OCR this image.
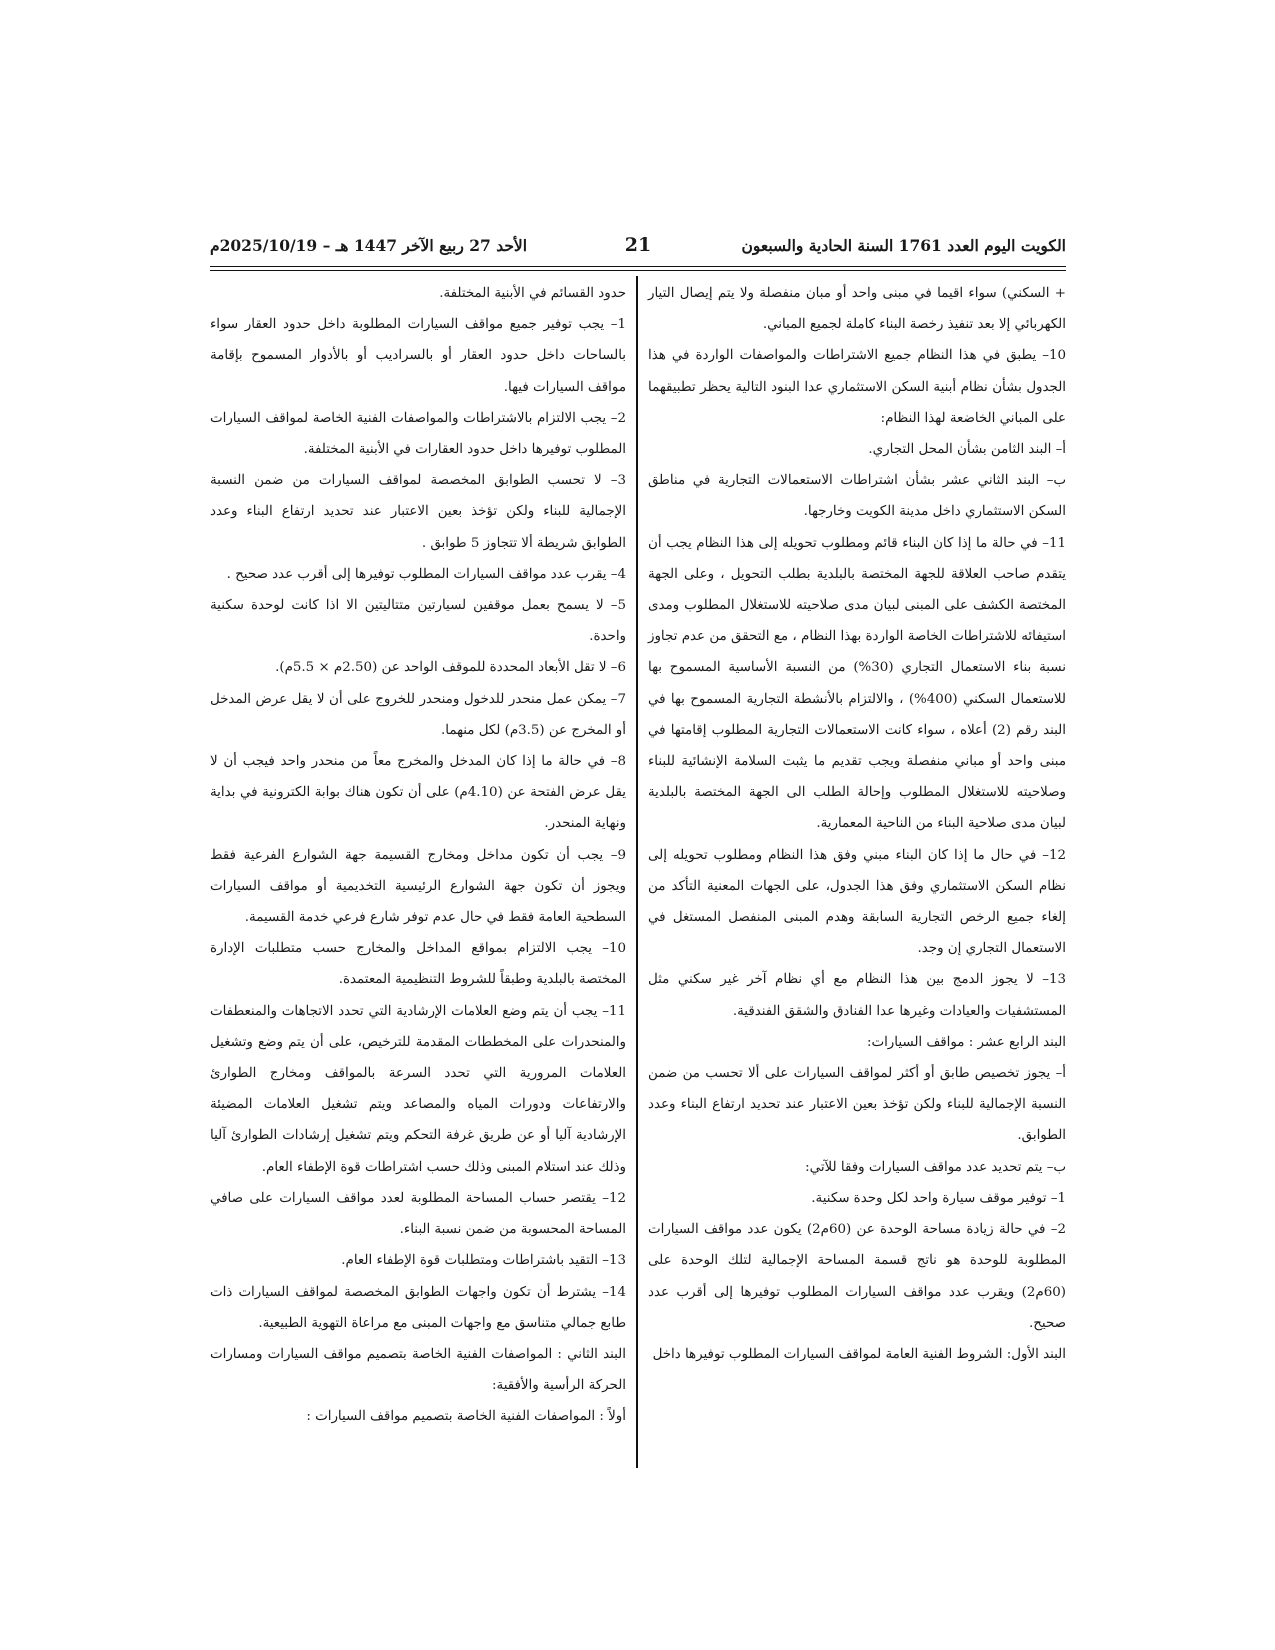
الكويت اليوم العدد 1761 السنة الحادية والسبعون
21
الأحد 27 ربيع الآخر 1447 هـ – 2025/10/19م

+ السكني) سواء اقيما في مبنى واحد أو مبان منفصلة ولا يتم إيصال التيار الكهربائي إلا بعد تنفيذ رخصة البناء كاملة لجميع المباني.

10– يطبق في هذا النظام جميع الاشتراطات والمواصفات الواردة في هذا الجدول بشأن نظام أبنية السكن الاستثماري عدا البنود التالية يحظر تطبيقهما على المباني الخاضعة لهذا النظام:

أ– البند الثامن بشأن المحل التجاري.

ب– البند الثاني عشر بشأن اشتراطات الاستعمالات التجارية في مناطق السكن الاستثماري داخل مدينة الكويت وخارجها.

11– في حالة ما إذا كان البناء قائم ومطلوب تحويله إلى هذا النظام يجب أن يتقدم صاحب العلاقة للجهة المختصة بالبلدية بطلب التحويل ، وعلى الجهة المختصة الكشف على المبنى لبيان مدى صلاحيته للاستغلال المطلوب ومدى استيفائه للاشتراطات الخاصة الواردة بهذا النظام ، مع التحقق من عدم تجاوز نسبة بناء الاستعمال التجاري (30%) من النسبة الأساسية المسموح بها للاستعمال السكني (400%) ، والالتزام بالأنشطة التجارية المسموح بها في البند رقم (2) أعلاه ، سواء كانت الاستعمالات التجارية المطلوب إقامتها في مبنى واحد أو مباني منفصلة ويجب تقديم ما يثبت السلامة الإنشائية للبناء وصلاحيته للاستغلال المطلوب وإحالة الطلب الى الجهة المختصة بالبلدية لبيان مدى صلاحية البناء من الناحية المعمارية.

12– في حال ما إذا كان البناء مبني وفق هذا النظام ومطلوب تحويله إلى نظام السكن الاستثماري وفق هذا الجدول، على الجهات المعنية التأكد من إلغاء جميع الرخص التجارية السابقة وهدم المبنى المنفصل المستغل في الاستعمال التجاري إن وجد.

13– لا يجوز الدمج بين هذا النظام مع أي نظام آخر غير سكني مثل المستشفيات والعيادات وغيرها عدا الفنادق والشقق الفندقية.

البند الرابع عشر : مواقف السيارات:

أ– يجوز تخصيص طابق أو أكثر لمواقف السيارات على ألا تحسب من ضمن النسبة الإجمالية للبناء ولكن تؤخذ بعين الاعتبار عند تحديد ارتفاع البناء وعدد الطوابق.

ب– يتم تحديد عدد مواقف السيارات وفقا للآتي:

1– توفير موقف سيارة واحد لكل وحدة سكنية.

2– في حالة زيادة مساحة الوحدة عن (60م2) يكون عدد مواقف السيارات المطلوبة للوحدة هو ناتج قسمة المساحة الإجمالية لتلك الوحدة على (60م2) ويقرب عدد مواقف السيارات المطلوب توفيرها إلى أقرب عدد صحيح.

البند الأول: الشروط الفنية العامة لمواقف السيارات المطلوب توفيرها داخل

حدود القسائم في الأبنية المختلفة.

1– يجب توفير جميع مواقف السيارات المطلوبة داخل حدود العقار سواء بالساحات داخل حدود العقار أو بالسراديب أو بالأدوار المسموح بإقامة مواقف السيارات فيها.

2– يجب الالتزام بالاشتراطات والمواصفات الفنية الخاصة لمواقف السيارات المطلوب توفيرها داخل حدود العقارات في الأبنية المختلفة.

3– لا تحسب الطوابق المخصصة لمواقف السيارات من ضمن النسبة الإجمالية للبناء ولكن تؤخذ بعين الاعتبار عند تحديد ارتفاع البناء وعدد الطوابق شريطة ألا تتجاوز 5 طوابق .

4– يقرب عدد مواقف السيارات المطلوب توفيرها إلى أقرب عدد صحيح .

5– لا يسمح بعمل موقفين لسيارتين متتاليتين الا اذا كانت لوحدة سكنية واحدة.

6– لا تقل الأبعاد المحددة للموقف الواحد عن (2.50م × 5.5م).

7– يمكن عمل منحدر للدخول ومنحدر للخروج على أن لا يقل عرض المدخل أو المخرج عن (3.5م) لكل منهما.

8– في حالة ما إذا كان المدخل والمخرج معاً من منحدر واحد فيجب أن لا يقل عرض الفتحة عن (4.10م) على أن تكون هناك بوابة الكترونية في بداية ونهاية المنحدر.

9– يجب أن تكون مداخل ومخارج القسيمة جهة الشوارع الفرعية فقط ويجوز أن تكون جهة الشوارع الرئيسية التخديمية أو مواقف السيارات السطحية العامة فقط في حال عدم توفر شارع فرعي خدمة القسيمة.

10– يجب الالتزام بمواقع المداخل والمخارج حسب متطلبات الإدارة المختصة بالبلدية وطبقاً للشروط التنظيمية المعتمدة.

11– يجب أن يتم وضع العلامات الإرشادية التي تحدد الاتجاهات والمنعطفات والمنحدرات على المخططات المقدمة للترخيص، على أن يتم وضع وتشغيل العلامات المرورية التي تحدد السرعة بالمواقف ومخارج الطوارئ والارتفاعات ودورات المياه والمصاعد ويتم تشغيل العلامات المضيئة الإرشادية آليا أو عن طريق غرفة التحكم ويتم تشغيل إرشادات الطوارئ آليا وذلك عند استلام المبنى وذلك حسب اشتراطات قوة الإطفاء العام.

12– يقتصر حساب المساحة المطلوبة لعدد مواقف السيارات على صافي المساحة المحسوبة من ضمن نسبة البناء.

13– التقيد باشتراطات ومتطلبات قوة الإطفاء العام.

14– يشترط أن تكون واجهات الطوابق المخصصة لمواقف السيارات ذات طابع جمالي متناسق مع واجهات المبنى مع مراعاة التهوية الطبيعية.

البند الثاني : المواصفات الفنية الخاصة بتصميم مواقف السيارات ومسارات الحركة الرأسية والأفقية:

أولاً : المواصفات الفنية الخاصة بتصميم مواقف السيارات :
